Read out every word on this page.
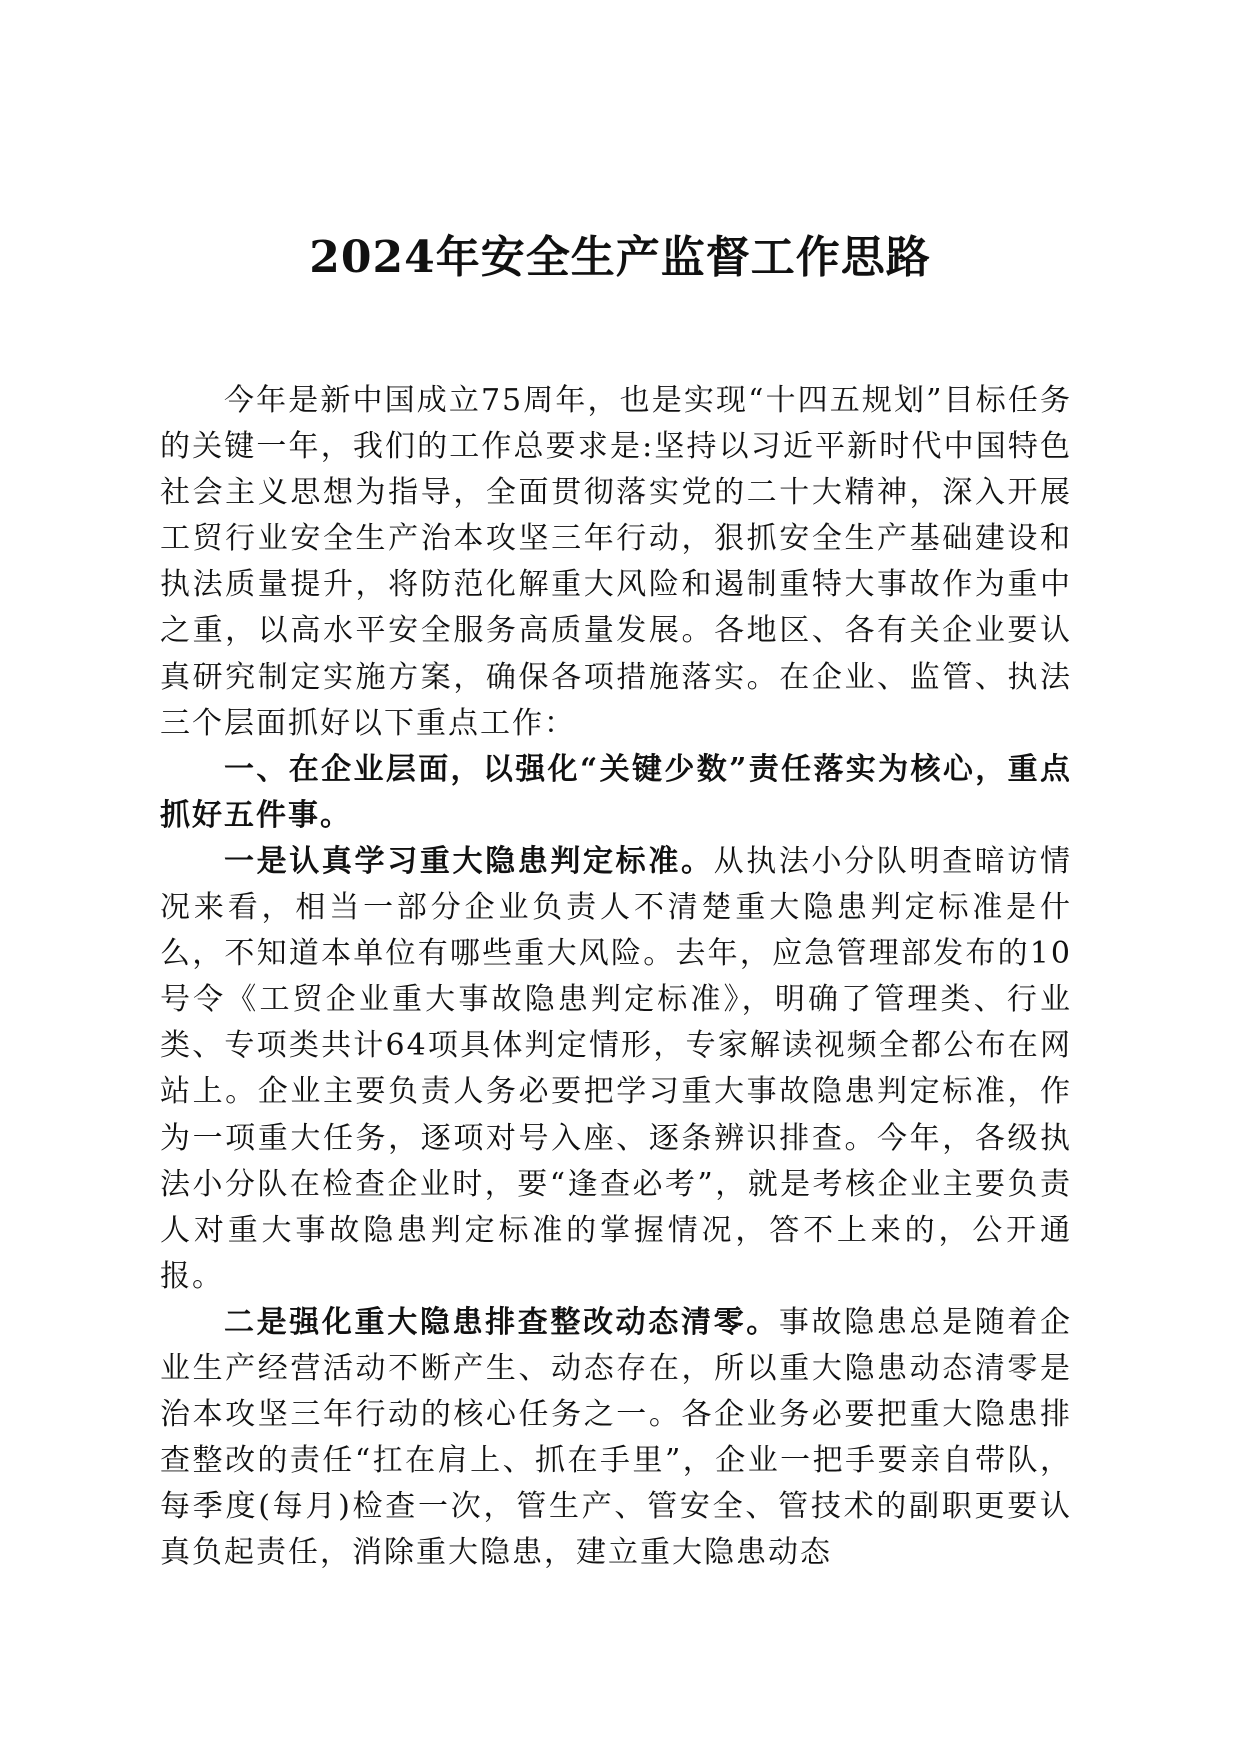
2024年安全生产监督工作思路

今年是新中国成立75周年，也是实现“十四五规划”目标任务的关键一年，我们的工作总要求是:坚持以习近平新时代中国特色社会主义思想为指导，全面贯彻落实党的二十大精神，深入开展工贸行业安全生产治本攻坚三年行动，狠抓安全生产基础建设和执法质量提升，将防范化解重大风险和遏制重特大事故作为重中之重，以高水平安全服务高质量发展。各地区、各有关企业要认真研究制定实施方案，确保各项措施落实。在企业、监管、执法三个层面抓好以下重点工作：

一、在企业层面，以强化“关键少数”责任落实为核心，重点抓好五件事。

一是认真学习重大隐患判定标准。从执法小分队明查暗访情况来看，相当一部分企业负责人不清楚重大隐患判定标准是什么，不知道本单位有哪些重大风险。去年，应急管理部发布的10号令《工贸企业重大事故隐患判定标准》，明确了管理类、行业类、专项类共计64项具体判定情形，专家解读视频全都公布在网站上。企业主要负责人务必要把学习重大事故隐患判定标准，作为一项重大任务，逐项对号入座、逐条辨识排查。今年，各级执法小分队在检查企业时，要“逢查必考”，就是考核企业主要负责人对重大事故隐患判定标准的掌握情况，答不上来的，公开通报。

二是强化重大隐患排查整改动态清零。事故隐患总是随着企业生产经营活动不断产生、动态存在，所以重大隐患动态清零是治本攻坚三年行动的核心任务之一。各企业务必要把重大隐患排查整改的责任“扛在肩上、抓在手里”，企业一把手要亲自带队，每季度(每月)检查一次，管生产、管安全、管技术的副职更要认真负起责任，消除重大隐患，建立重大隐患动态
